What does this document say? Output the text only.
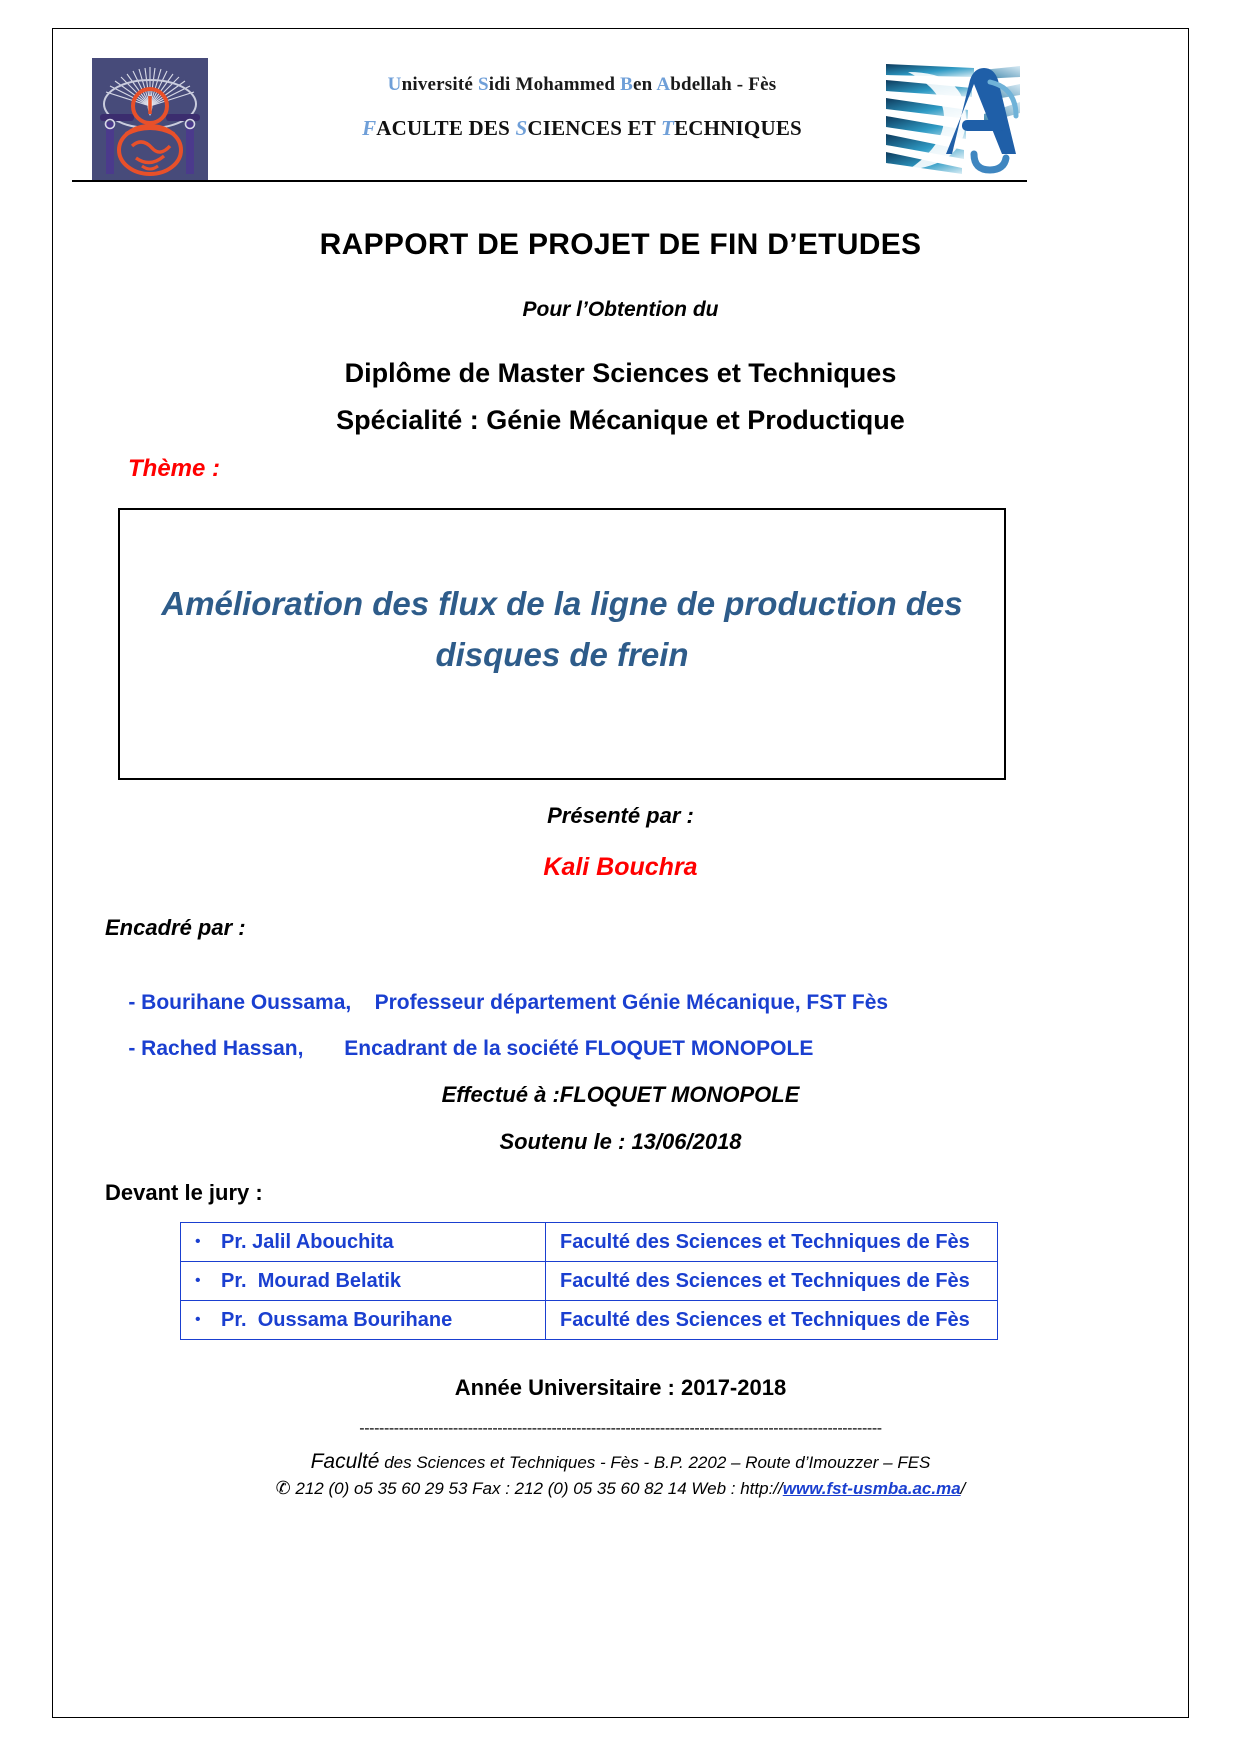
Université Sidi Mohammed Ben Abdellah - Fès
FACULTE DES SCIENCES ET TECHNIQUES
RAPPORT DE PROJET DE FIN D’ETUDES
Pour l’Obtention du
Diplôme de Master Sciences et Techniques
Spécialité : Génie Mécanique et Productique
Thème :
Amélioration des flux de la ligne de production des
disques de frein
Présenté par :
Kali Bouchra
Encadré par :

- Bourihane Oussama, Professeur département Génie Mécanique, FST Fès

- Rached Hassan, Encadrant de la société FLOQUET MONOPOLE

Effectué à :FLOQUET MONOPOLE
Soutenu le : 13/06/2018
Devant le jury :
• Pr. Jalil Abouchita	Faculté des Sciences et Techniques de Fès
• Pr.  Mourad Belatik	Faculté des Sciences et Techniques de Fès
• Pr.  Oussama Bourihane	Faculté des Sciences et Techniques de Fès
Année Universitaire : 2017-2018
----------------------------------------------------------------------------------------------------------
Faculté des Sciences et Techniques - Fès - B.P. 2202 – Route d’Imouzzer – FES
✆ 212 (0) o5 35 60 29 53 Fax : 212 (0) 05 35 60 82 14 Web : http://www.fst-usmba.ac.ma/
